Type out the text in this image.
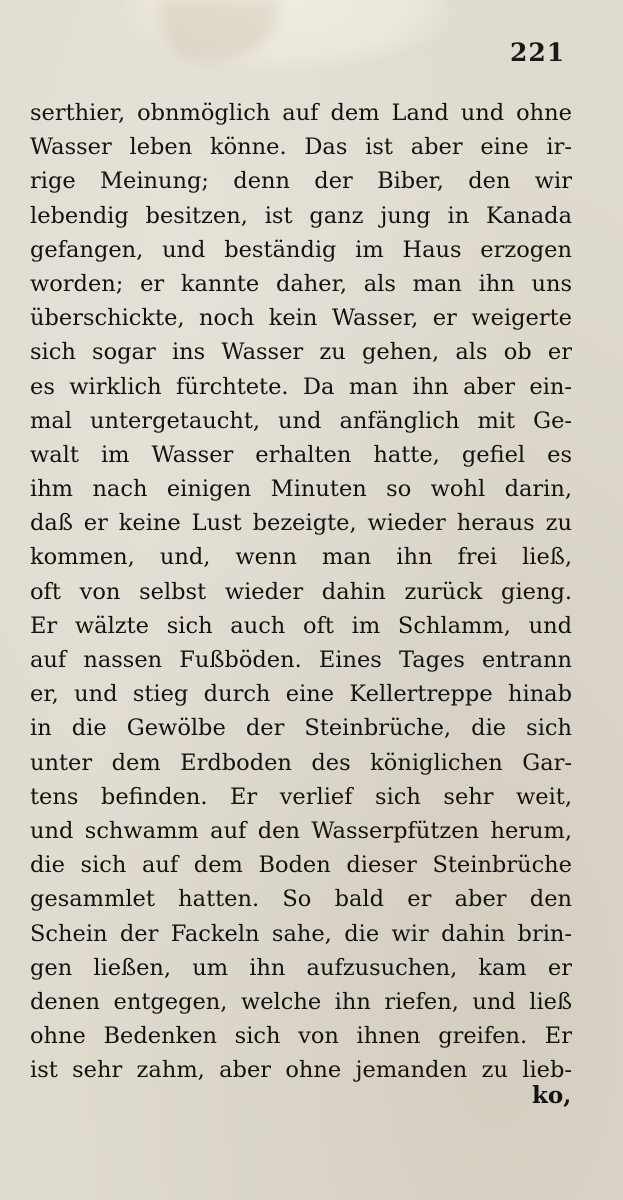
221
serthier, obnmöglich auf dem Land und ohne
Wasser leben könne. Das ist aber eine ir-
rige Meinung; denn der Biber, den wir
lebendig besitzen, ist ganz jung in Kanada
gefangen, und beständig im Haus erzogen
worden; er kannte daher, als man ihn uns
überschickte, noch kein Wasser, er weigerte
sich sogar ins Wasser zu gehen, als ob er
es wirklich fürchtete. Da man ihn aber ein-
mal untergetaucht, und anfänglich mit Ge-
walt im Wasser erhalten hatte, gefiel es
ihm nach einigen Minuten so wohl darin,
daß er keine Lust bezeigte, wieder heraus zu
kommen, und, wenn man ihn frei ließ,
oft von selbst wieder dahin zurück gieng.
Er wälzte sich auch oft im Schlamm, und
auf nassen Fußböden. Eines Tages entrann
er, und stieg durch eine Kellertreppe hinab
in die Gewölbe der Steinbrüche, die sich
unter dem Erdboden des königlichen Gar-
tens befinden. Er verlief sich sehr weit,
und schwamm auf den Wasserpfützen herum,
die sich auf dem Boden dieser Steinbrüche
gesammlet hatten. So bald er aber den
Schein der Fackeln sahe, die wir dahin brin-
gen ließen, um ihn aufzusuchen, kam er
denen entgegen, welche ihn riefen, und ließ
ohne Bedenken sich von ihnen greifen. Er
ist sehr zahm, aber ohne jemanden zu lieb-
ko,
